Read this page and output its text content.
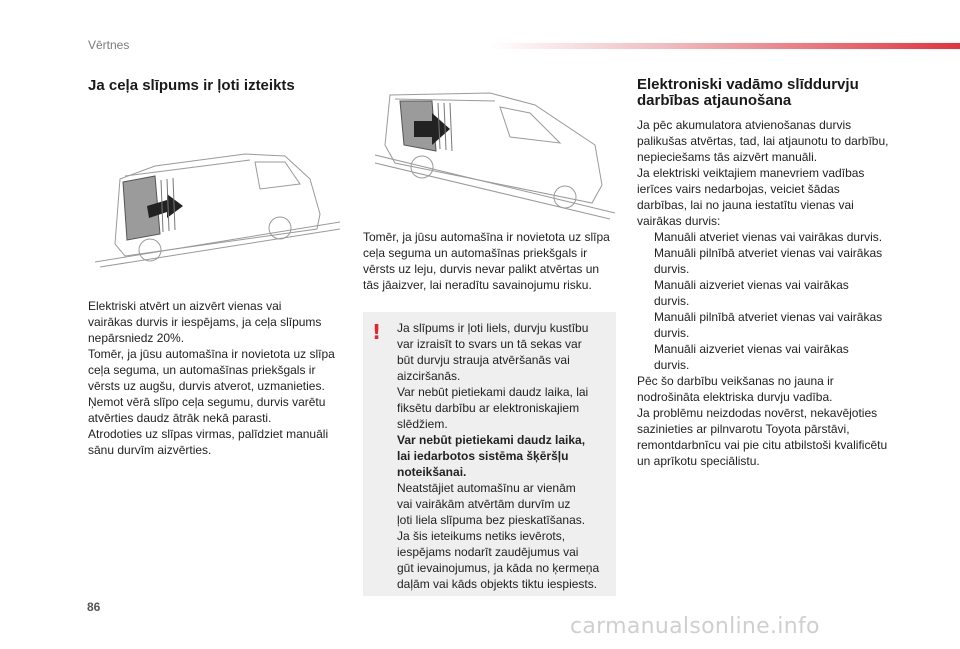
Vērtnes
Ja ceļa slīpums ir ļoti izteikts

Elektriski atvērt un aizvērt vienas vai

vairākas durvis ir iespējams, ja ceļa slīpums

nepārsniedz 20%.

Tomēr, ja jūsu automašīna ir novietota uz slīpa

ceļa seguma, un automašīnas priekšgals ir

vērsts uz augšu, durvis atverot, uzmanieties.

Ņemot vērā slīpo ceļa segumu, durvis varētu

atvērties daudz ātrāk nekā parasti.

Atrodoties uz slīpas virmas, palīdziet manuāli

sānu durvīm aizvērties.

Tomēr, ja jūsu automašīna ir novietota uz slīpa

ceļa seguma un automašīnas priekšgals ir

vērsts uz leju, durvis nevar palikt atvērtas un

tās jāaizver, lai neradītu savainojumu risku.

! Ja slīpums ir ļoti liels, durvju kustību

var izraisīt to svars un tā sekas var

būt durvju strauja atvēršanās vai

aizciršanās.

Var nebūt pietiekami daudz laika, lai

fiksētu darbību ar elektroniskajiem

slēdžiem.

Var nebūt pietiekami daudz laika,

lai iedarbotos sistēma šķēršļu

noteikšanai.

Neatstājiet automašīnu ar vienām

vai vairākām atvērtām durvīm uz

ļoti liela slīpuma bez pieskatīšanas.

Ja šis ieteikums netiks ievērots,

iespējams nodarīt zaudējumus vai

gūt ievainojumus, ja kāda no ķermeņa

daļām vai kāds objekts tiktu iespiests.

Elektroniski vadāmo slīddurvju
darbības atjaunošana

Ja pēc akumulatora atvienošanas durvis

palikušas atvērtas, tad, lai atjaunotu to darbību,

nepieciešams tās aizvērt manuāli.

Ja elektriski veiktajiem manevriem vadības

ierīces vairs nedarbojas, veiciet šādas

darbības, lai no jauna iestatītu vienas vai

vairākas durvis:

Manuāli atveriet vienas vai vairākas durvis.

Manuāli pilnībā atveriet vienas vai vairākas

durvis.

Manuāli aizveriet vienas vai vairākas

durvis.

Manuāli pilnībā atveriet vienas vai vairākas

durvis.

Manuāli aizveriet vienas vai vairākas

durvis.

Pēc šo darbību veikšanas no jauna ir

nodrošināta elektriska durvju vadība.

Ja problēmu neizdodas novērst, nekavējoties

sazinieties ar pilnvarotu Toyota pārstāvi,

remontdarbnīcu vai pie citu atbilstoši kvalificētu

un aprīkotu speciālistu.

86
carmanualsonline.info
